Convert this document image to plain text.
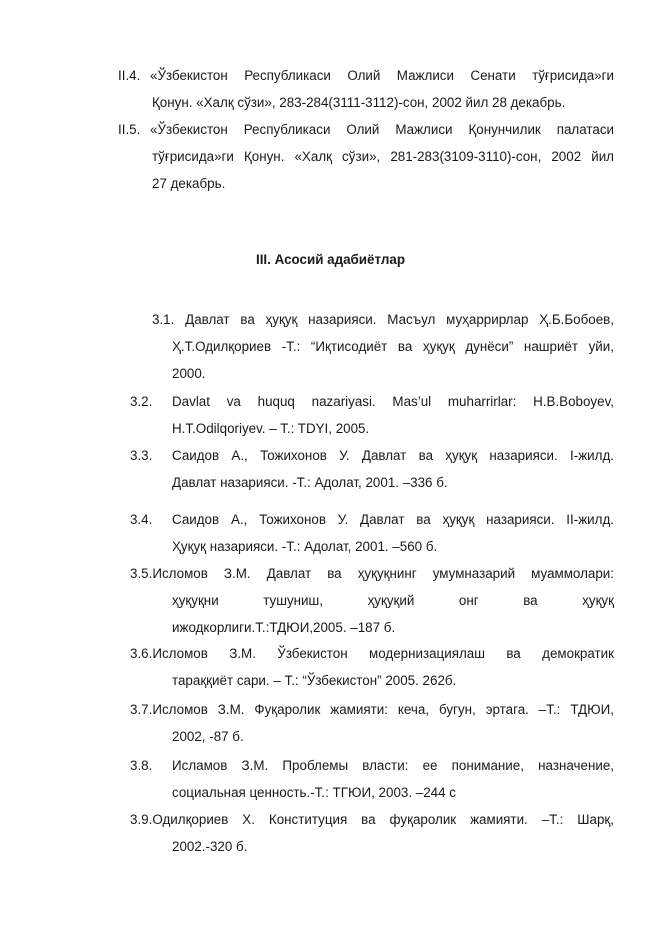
II.4. «Ўзбекистон Республикаси Олий Мажлиси Сенати тўғрисида»ги
Қонун. «Халқ сўзи», 283-284(3111-3112)-сон, 2002 йил 28 декабрь.
II.5. «Ўзбекистон Республикаси Олий Мажлиси Қонунчилик палатаси
тўғрисида»ги Қонун. «Халқ сўзи», 281-283(3109-3110)-сон, 2002 йил
27 декабрь.
III. Асосий адабиётлар
3.1. Давлат ва ҳуқуқ назарияси. Масъул муҳаррирлар Ҳ.Б.Бобоев,
Ҳ.Т.Одилқориев -Т.: “Иқтисодиёт ва ҳуқуқ дунёси” нашриёт уйи,
2000.
3.2.	Davlat va huquq nazariyasi. Mas’ul muharrirlar: H.B.Boboyev,
H.T.Odilqoriyev. – T.: TDYI, 2005.
3.3.	Саидов А., Тожихонов У. Давлат ва ҳуқуқ назарияси. I-жилд.
Давлат назарияси. -Т.: Адолат, 2001. –336 б.
3.4.	Саидов А., Тожихонов У. Давлат ва ҳуқуқ назарияси. II-жилд.
Ҳуқуқ назарияси. -Т.: Адолат, 2001. –560 б.
3.5.Исломов З.М. Давлат ва ҳуқуқнинг умумназарий муаммолари:
ҳуқуқни тушуниш, ҳуқуқий онг ва ҳуқуқ
ижодкорлиги.Т.:ТДЮИ,2005. –187 б.
3.6.Исломов З.М. Ўзбекистон модернизациялаш ва демократик
тараққиёт сари. – Т.: “Ўзбекистон” 2005. 262б.
3.7.Исломов З.М. Фуқаролик жамияти: кеча, бугун, эртага. –Т.: ТДЮИ,
2002, -87 б.
3.8.	Исламов З.М. Проблемы власти: ее понимание, назначение,
социальная ценность.-Т.: ТГЮИ, 2003. –244 с
3.9.Одилқориев Х. Конституция ва фуқаролик жамияти. –Т.: Шарқ,
2002.-320 б.
